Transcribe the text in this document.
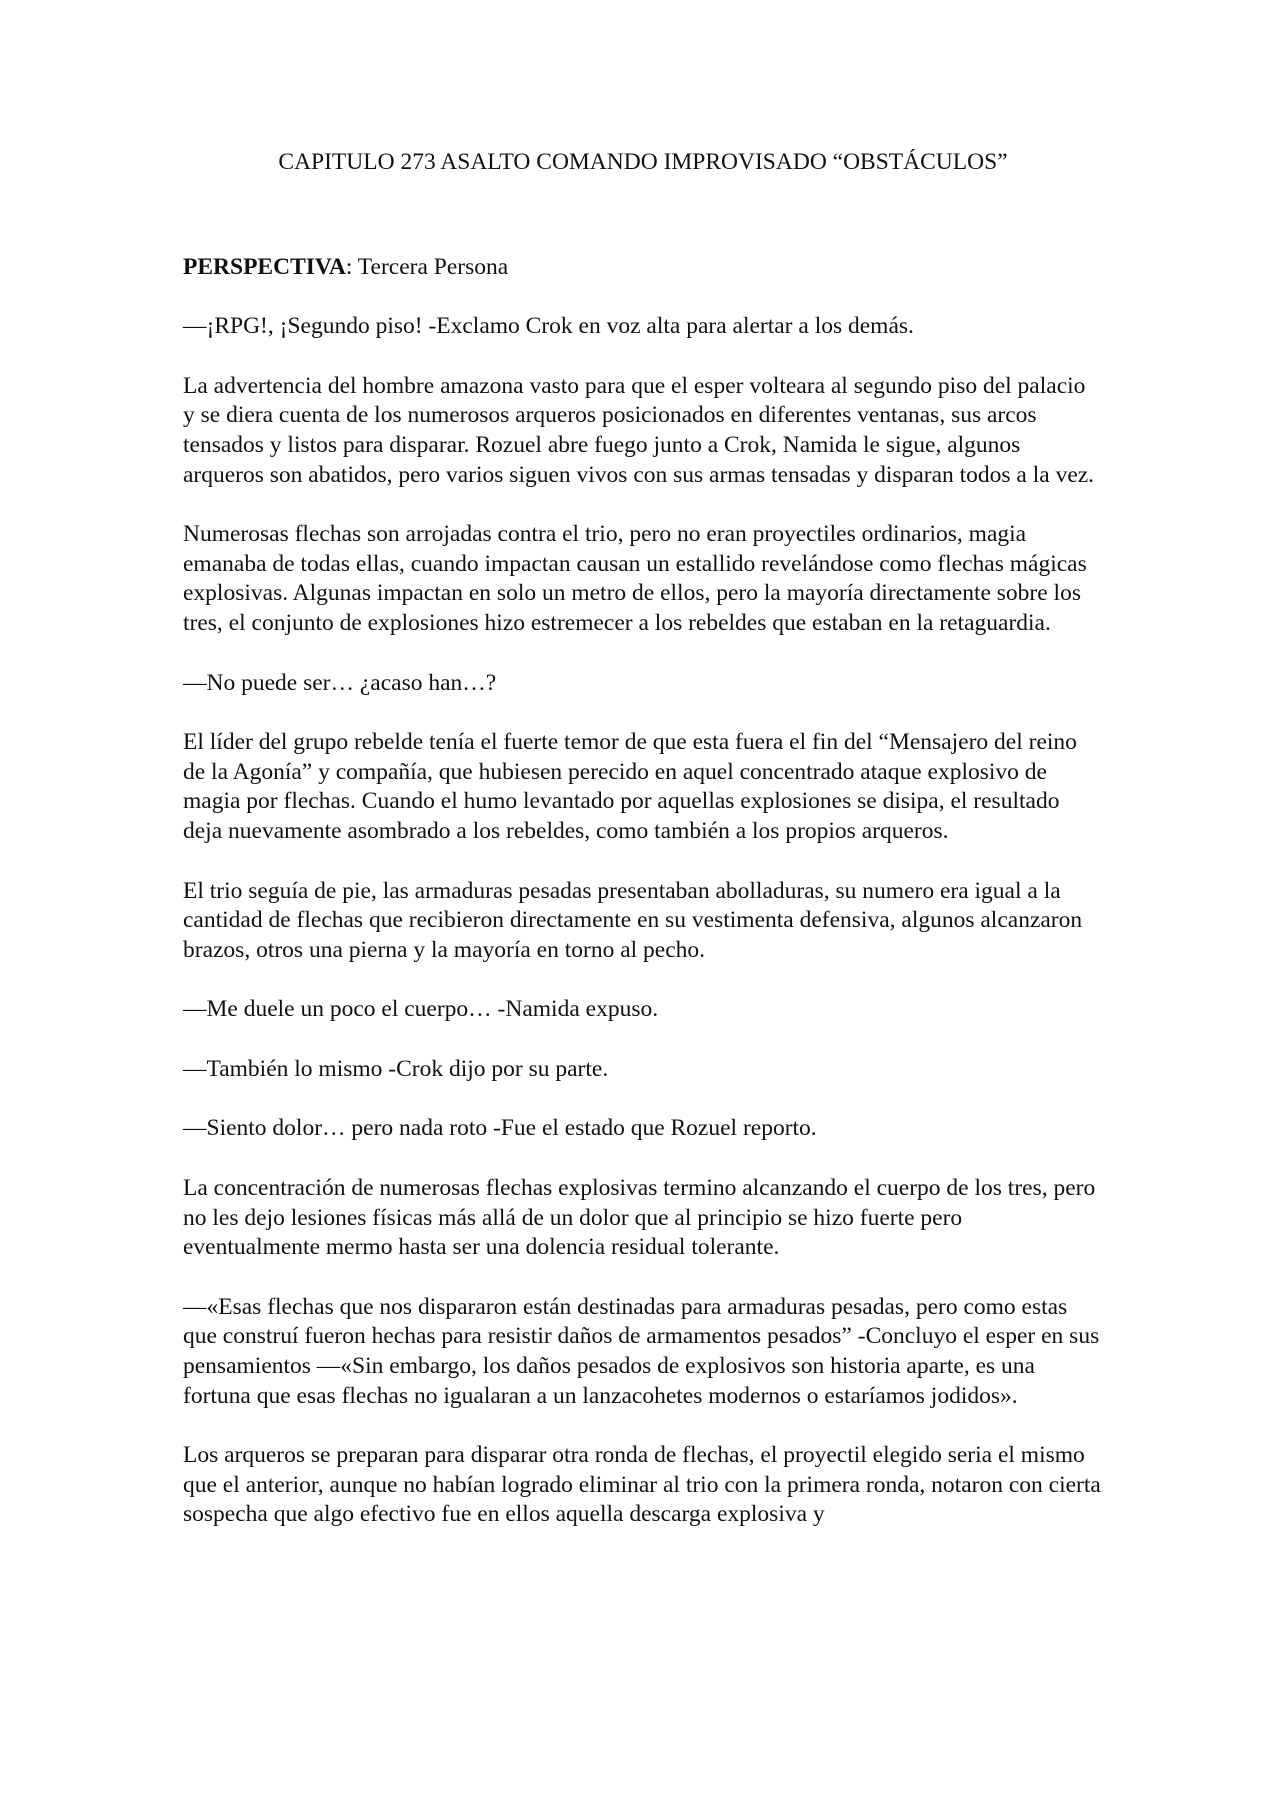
CAPITULO 273 ASALTO COMANDO IMPROVISADO “OBSTÁCULOS”

PERSPECTIVA: Tercera Persona

—¡RPG!, ¡Segundo piso! -Exclamo Crok en voz alta para alertar a los demás.

La advertencia del hombre amazona vasto para que el esper volteara al segundo piso del palacio y se diera cuenta de los numerosos arqueros posicionados en diferentes ventanas, sus arcos tensados y listos para disparar. Rozuel abre fuego junto a Crok, Namida le sigue, algunos arqueros son abatidos, pero varios siguen vivos con sus armas tensadas y disparan todos a la vez.

Numerosas flechas son arrojadas contra el trio, pero no eran proyectiles ordinarios, magia emanaba de todas ellas, cuando impactan causan un estallido revelándose como flechas mágicas explosivas. Algunas impactan en solo un metro de ellos, pero la mayoría directamente sobre los tres, el conjunto de explosiones hizo estremecer a los rebeldes que estaban en la retaguardia.

—No puede ser… ¿acaso han…?

El líder del grupo rebelde tenía el fuerte temor de que esta fuera el fin del “Mensajero del reino de la Agonía” y compañía, que hubiesen perecido en aquel concentrado ataque explosivo de magia por flechas. Cuando el humo levantado por aquellas explosiones se disipa, el resultado deja nuevamente asombrado a los rebeldes, como también a los propios arqueros.

El trio seguía de pie, las armaduras pesadas presentaban abolladuras, su numero era igual a la cantidad de flechas que recibieron directamente en su vestimenta defensiva, algunos alcanzaron brazos, otros una pierna y la mayoría en torno al pecho.

—Me duele un poco el cuerpo… -Namida expuso.

—También lo mismo -Crok dijo por su parte.

—Siento dolor… pero nada roto -Fue el estado que Rozuel reporto.

La concentración de numerosas flechas explosivas termino alcanzando el cuerpo de los tres, pero no les dejo lesiones físicas más allá de un dolor que al principio se hizo fuerte pero eventualmente mermo hasta ser una dolencia residual tolerante.

—«Esas flechas que nos dispararon están destinadas para armaduras pesadas, pero como estas que construí fueron hechas para resistir daños de armamentos pesados” -Concluyo el esper en sus pensamientos —«Sin embargo, los daños pesados de explosivos son historia aparte, es una fortuna que esas flechas no igualaran a un lanzacohetes modernos o estaríamos jodidos».

Los arqueros se preparan para disparar otra ronda de flechas, el proyectil elegido seria el mismo que el anterior, aunque no habían logrado eliminar al trio con la primera ronda, notaron con cierta sospecha que algo efectivo fue en ellos aquella descarga explosiva y
